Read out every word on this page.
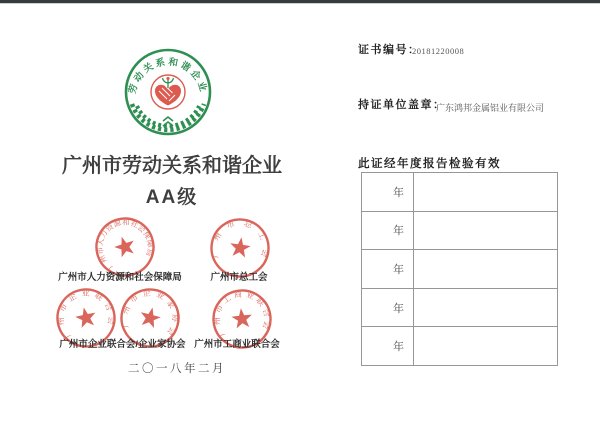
劳动关系和谐企业
广州市劳动关系和谐企业
AA级
广州市人力资源和社会保障局	广州市总工会
广州市企业联合会 广州市企业家协会	广州市工商业联合会
广州市人力资源和社会保障局	广州市总工会
广州市企业联合会/企业家协会 广州市工商业联合会
二〇一八年二月
证书编号：
20181220008
持证单位盖章：
广东鸿邦金属铝业有限公司
此证经年度报告检验有效
年
年
年
年
年
